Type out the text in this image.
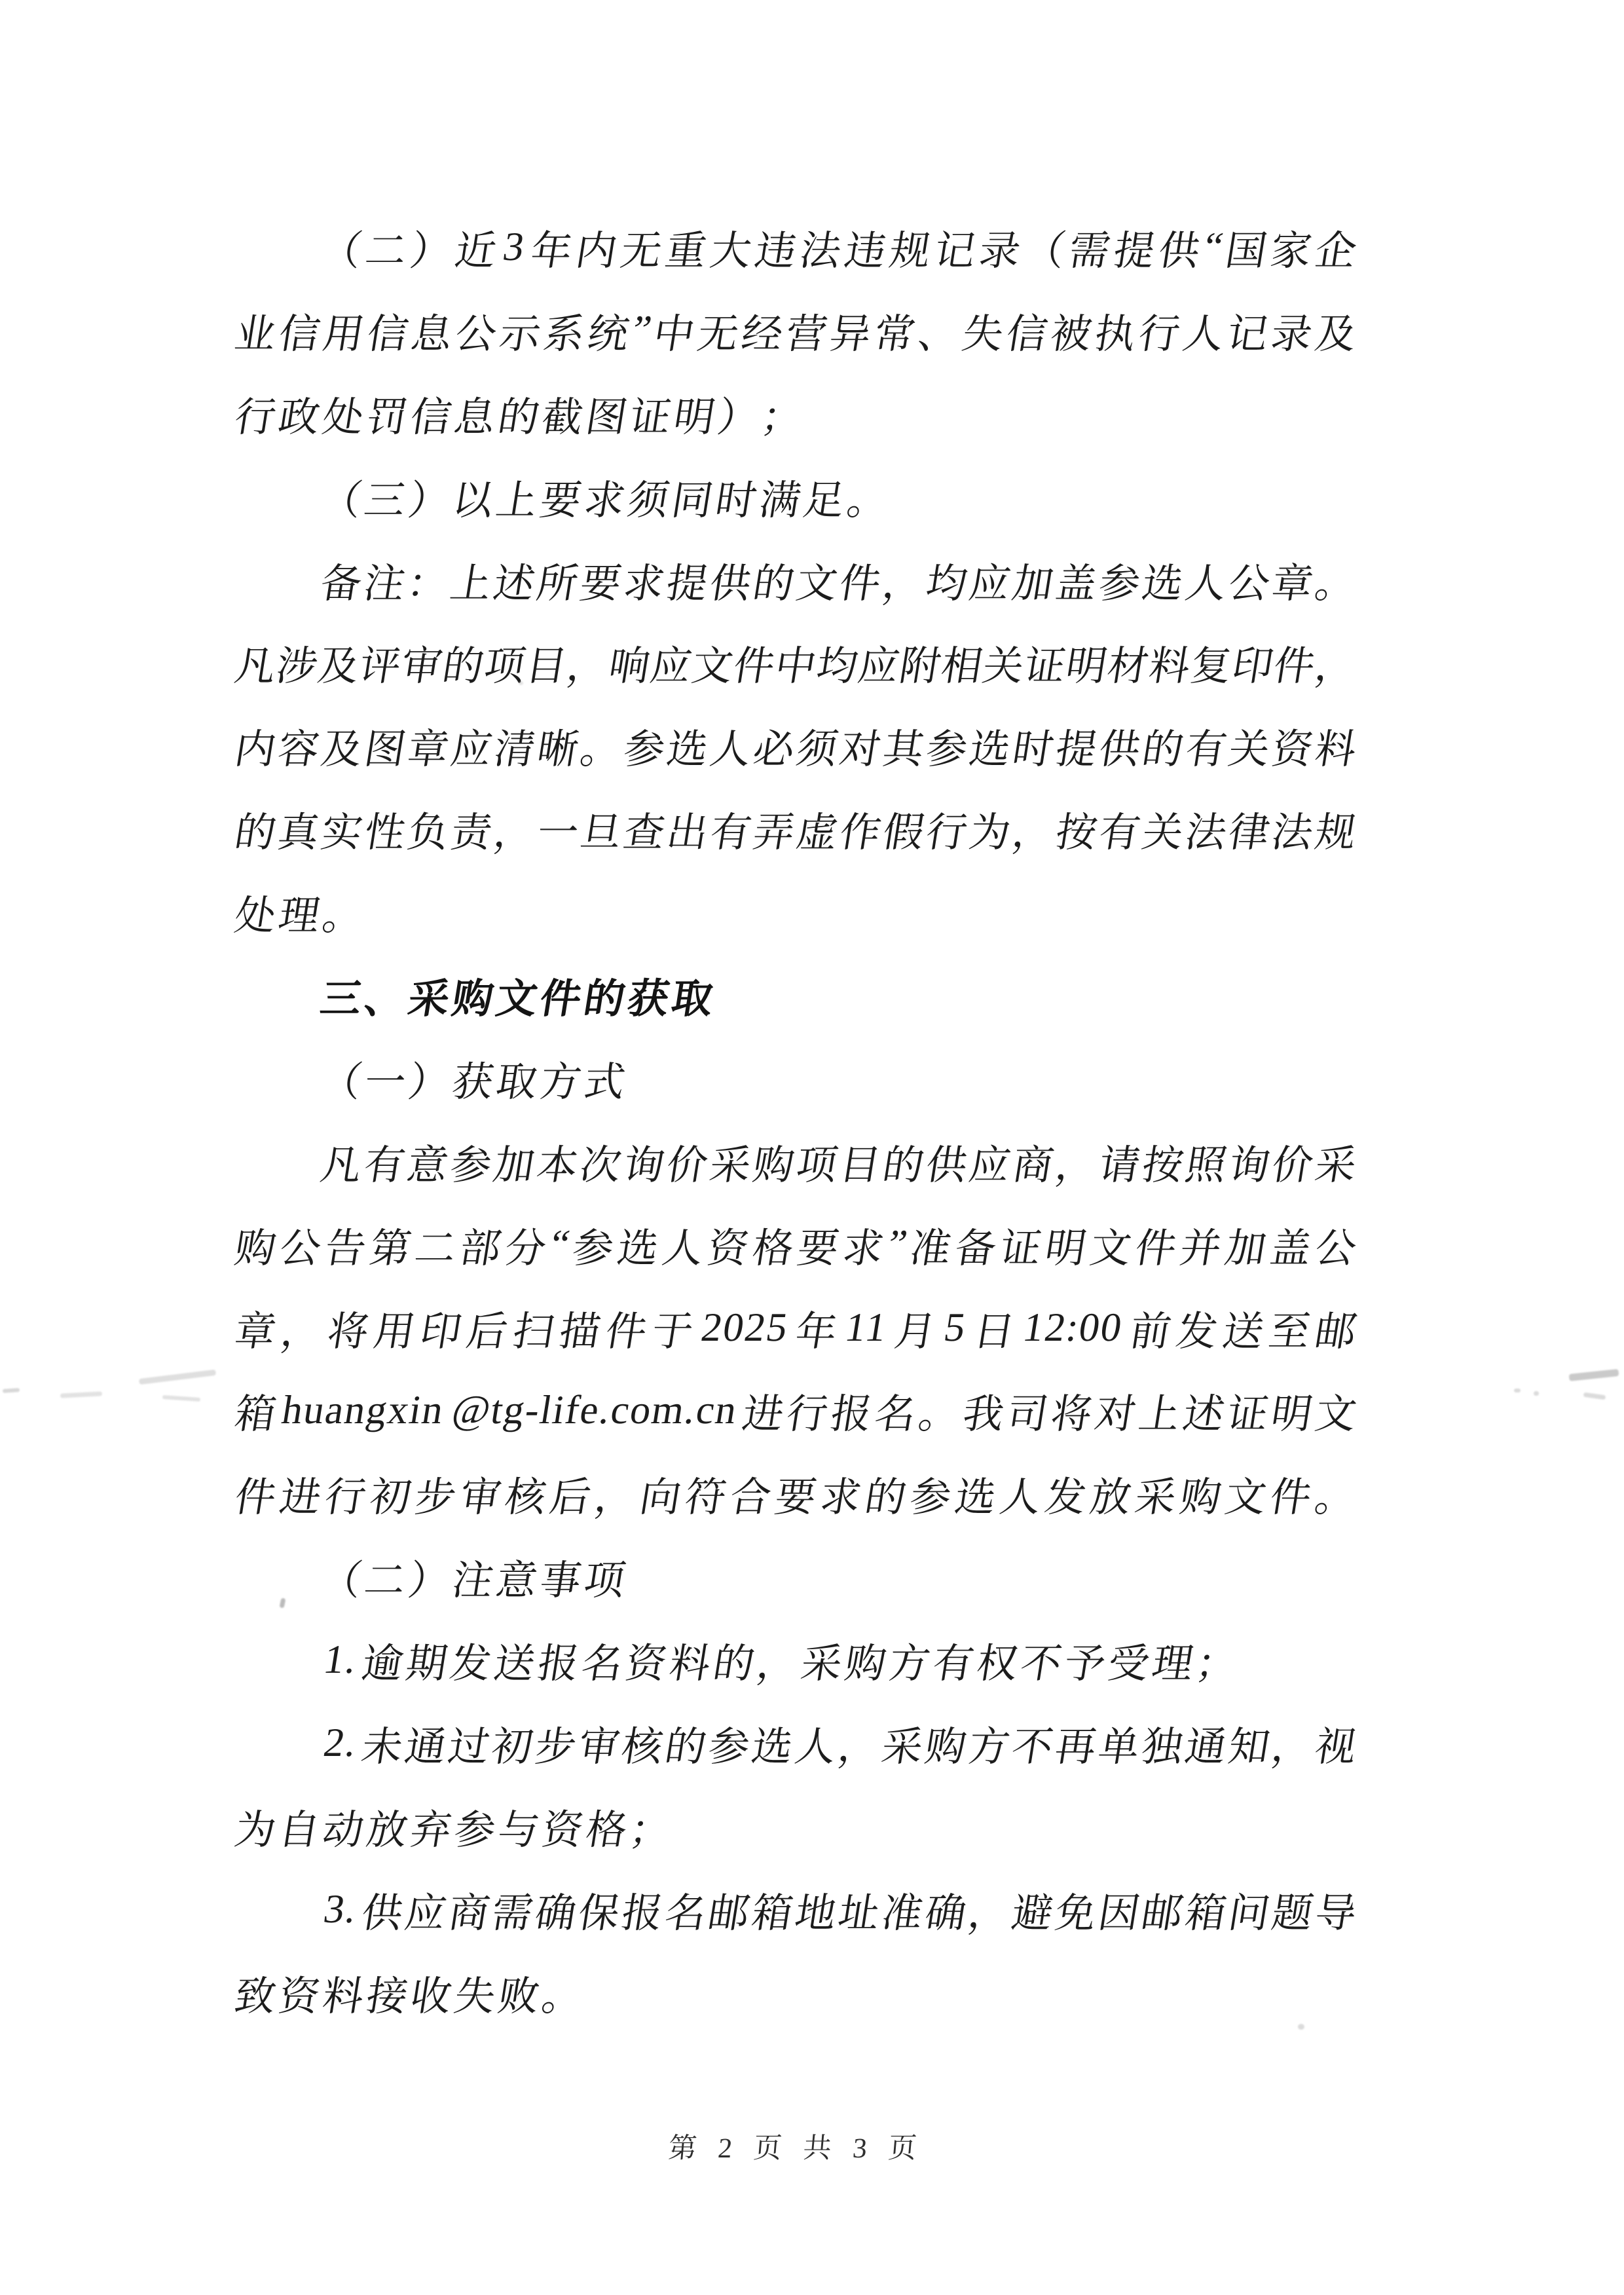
（
二
）
近 3
年
内
无
重
大
违
法
违
规
记
录
（
需
提
供
“
国
家
企
业
信
用
信
息
公
示
系
统
”
中
无
经
营
异
常
、
失
信
被
执
行
人
记
录
及
行
政
处
罚
信
息
的
截
图
证
明
）
；
（
三
）
以
上
要
求
须
同
时
满
足
。
备
注
：
上
述
所
要
求
提
供
的
文
件
，
均
应
加
盖
参
选
人
公
章
。
凡
涉
及
评
审
的
项
目
，
响
应
文
件
中
均
应
附
相
关
证
明
材
料
复
印
件
，
内
容
及
图
章
应
清
晰
。
参
选
人
必
须
对
其
参
选
时
提
供
的
有
关
资
料
的
真
实
性
负
责
，
一
旦
查
出
有
弄
虚
作
假
行
为
，
按
有
关
法
律
法
规
处
理
。
三
、
采
购
文
件
的
获
取
（
一
）
获
取
方
式
凡
有
意
参
加
本
次
询
价
采
购
项
目
的
供
应
商
，
请
按
照
询
价
采
购
公
告
第
二
部
分
“
参
选
人
资
格
要
求
”
准
备
证
明
文
件
并
加
盖
公
章
，
将
用
印
后
扫
描
件
于 2025 年 11 月 5 日 12:00 前
发
送
至
邮
箱 huangxin @tg-life.com.cn
进
行
报
名
。
我
司
将
对
上
述
证
明
文
件
进
行
初
步
审
核
后
，
向
符
合
要
求
的
参
选
人
发
放
采
购
文
件
。
（
二
）
注
意
事
项
1.
逾
期
发
送
报
名
资
料
的
，
采
购
方
有
权
不
予
受
理
；
2.
未
通
过
初
步
审
核
的
参
选
人
，
采
购
方
不
再
单
独
通
知
，
视
为
自
动
放
弃
参
与
资
格
；
3.
供
应
商
需
确
保
报
名
邮
箱
地
址
准
确
，
避
免
因
邮
箱
问
题
导
致
资
料
接
收
失
败
。
第 2 页 共 3 页
